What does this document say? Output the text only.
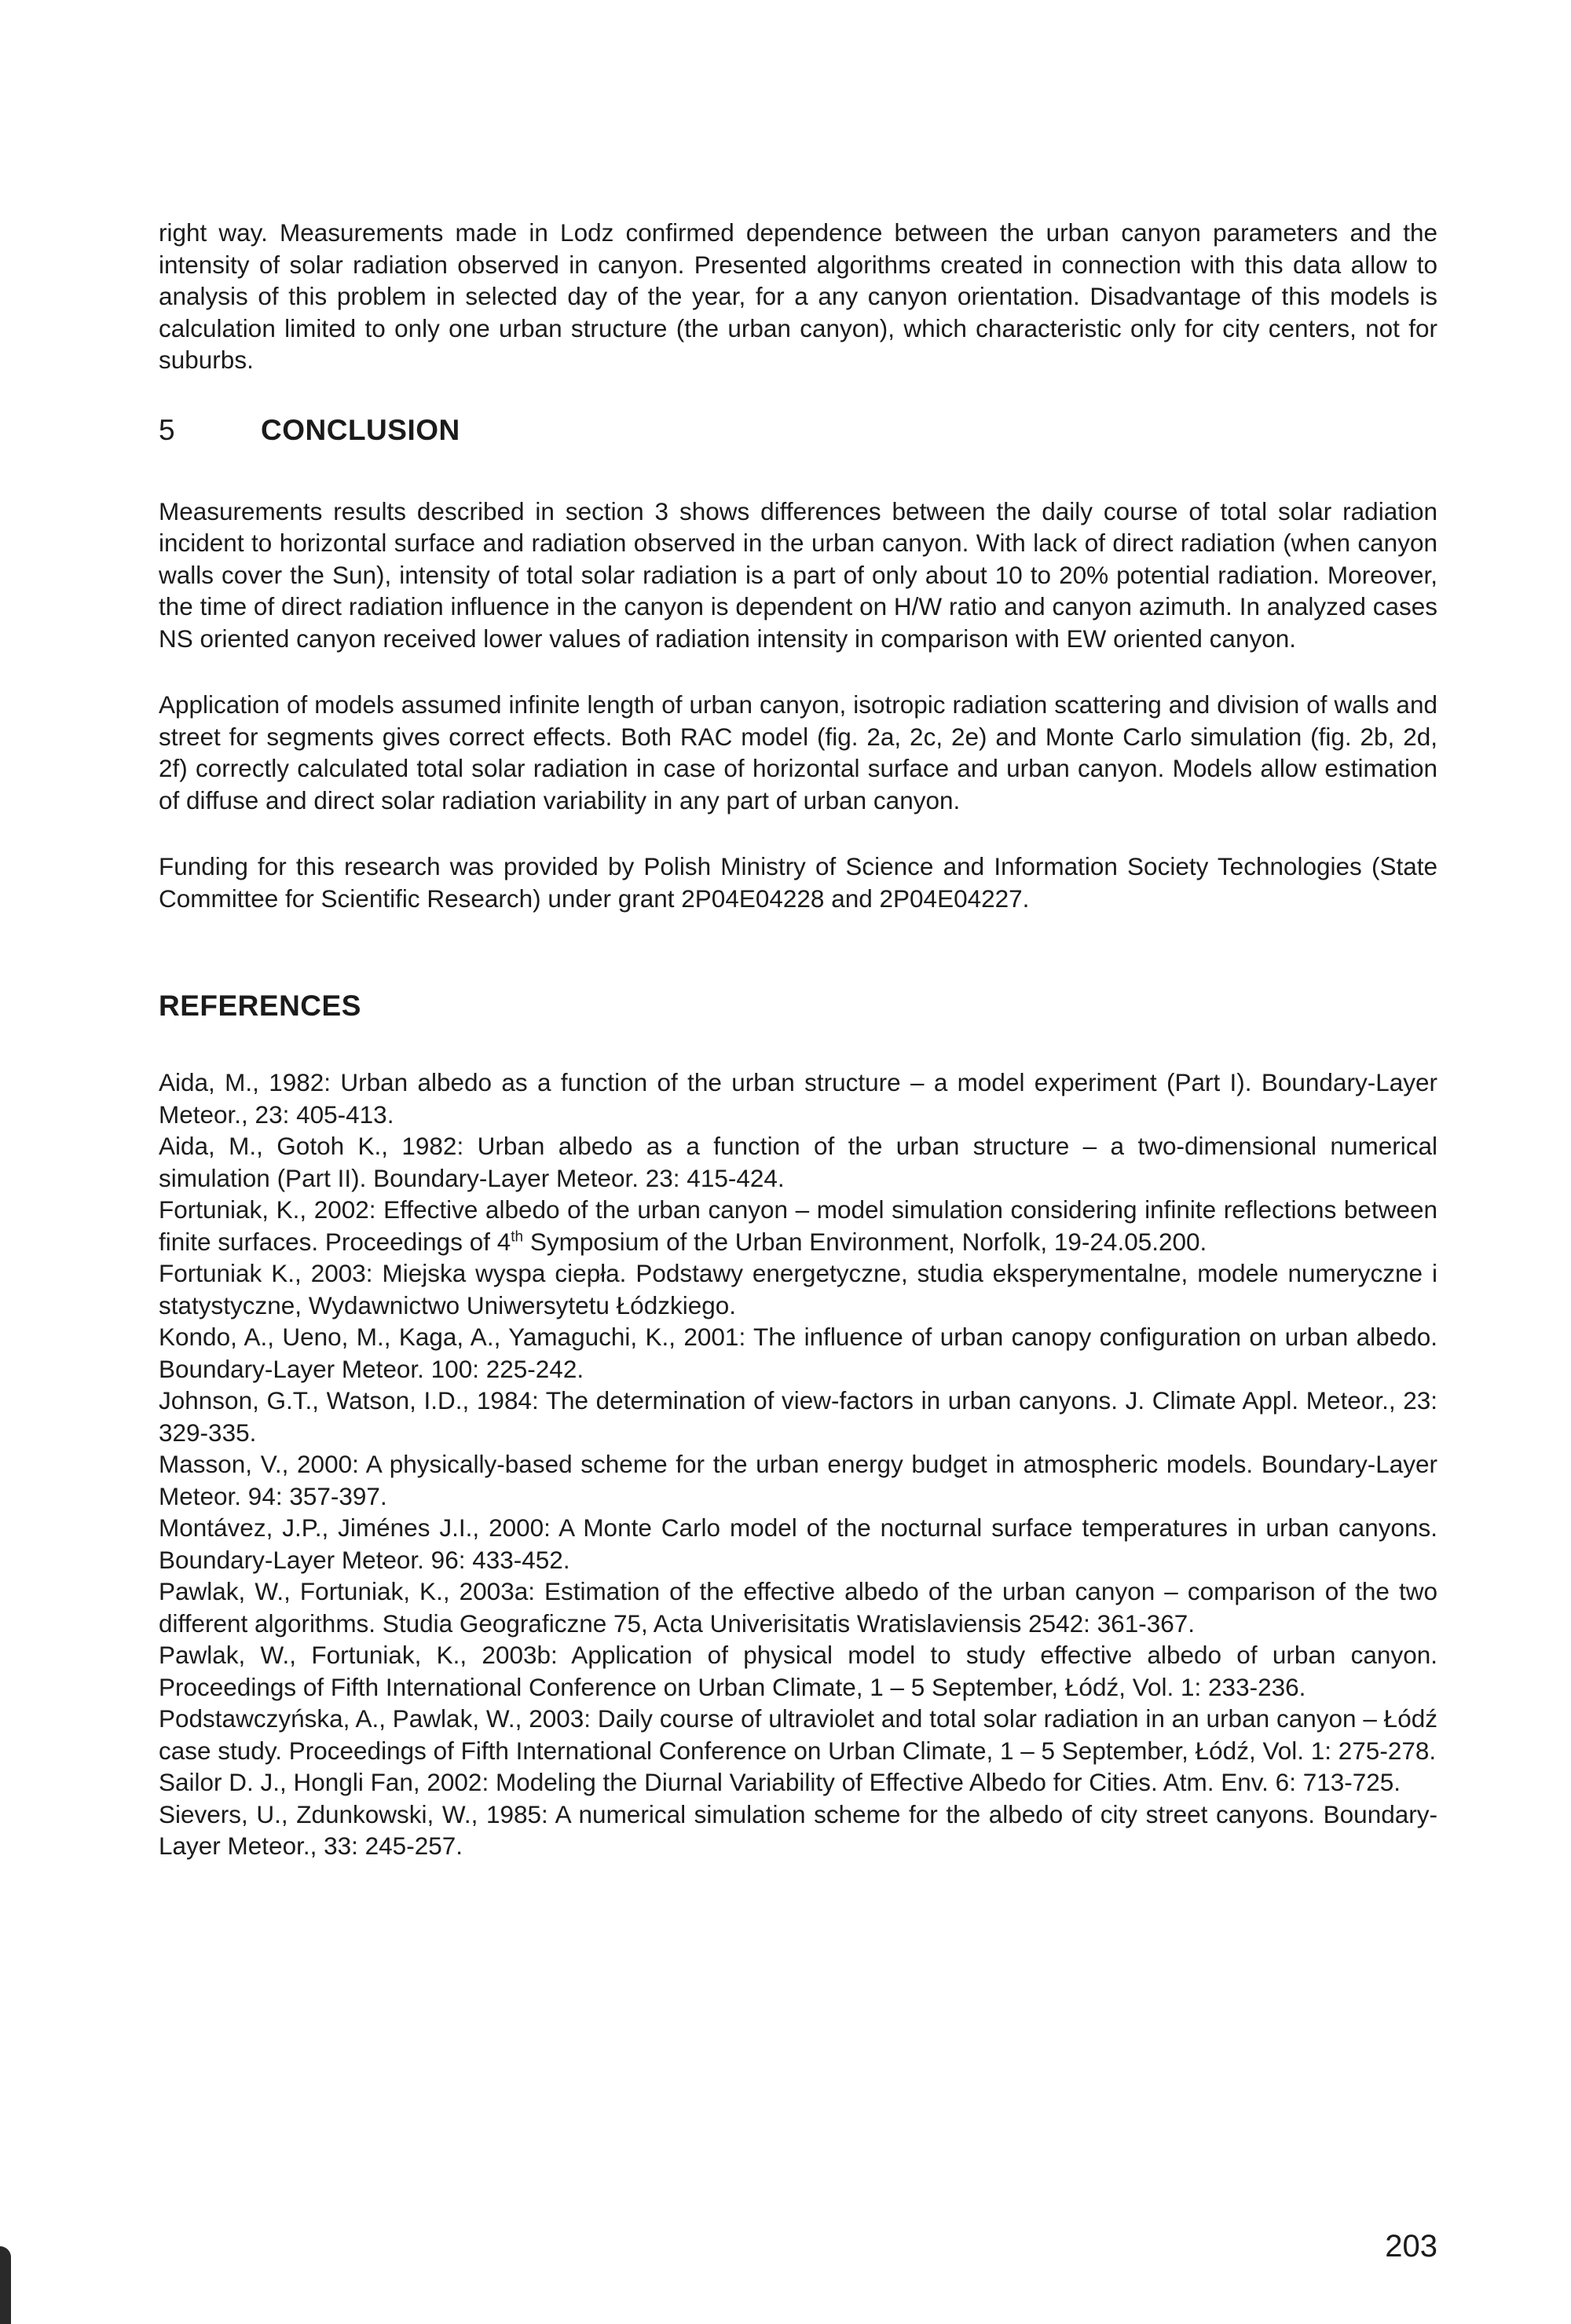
right way. Measurements made in Lodz confirmed dependence between the urban canyon parameters and the intensity of solar radiation observed in canyon. Presented algorithms created in connection with this data allow to analysis of this problem in selected day of the year, for a any canyon orientation. Disadvantage of this models is calculation limited to only one urban structure (the urban canyon), which characteristic only for city centers, not for suburbs.

5	CONCLUSION

Measurements results described in section 3 shows differences between the daily course of total solar radiation incident to horizontal surface and radiation observed in the urban canyon. With lack of direct radiation (when canyon walls cover the Sun), intensity of total solar radiation is a part of only about 10 to 20% potential radiation. Moreover, the time of direct radiation influence in the canyon is dependent on H/W ratio and canyon azimuth. In analyzed cases NS oriented canyon received lower values of radiation intensity in comparison with EW oriented canyon.

Application of models assumed infinite length of urban canyon, isotropic radiation scattering and division of walls and street for segments gives correct effects. Both RAC model (fig. 2a, 2c, 2e) and Monte Carlo simulation (fig. 2b, 2d, 2f) correctly calculated total solar radiation in case of horizontal surface and urban canyon. Models allow estimation of diffuse and direct solar radiation variability in any part of urban canyon.

Funding for this research was provided by Polish Ministry of Science and Information Society Technologies (State Committee for Scientific Research) under grant 2P04E04228 and 2P04E04227.

REFERENCES

Aida, M., 1982: Urban albedo as a function of the urban structure – a model experiment (Part I). Boundary-Layer Meteor., 23: 405-413.

Aida, M., Gotoh K., 1982: Urban albedo as a function of the urban structure – a two-dimensional numerical simulation (Part II). Boundary-Layer Meteor. 23: 415-424.

Fortuniak, K., 2002: Effective albedo of the urban canyon – model simulation considering infinite reflections between finite surfaces. Proceedings of 4th Symposium of the Urban Environment, Norfolk, 19-24.05.200.

Fortuniak K., 2003: Miejska wyspa ciepła. Podstawy energetyczne, studia eksperymentalne, modele numeryczne i statystyczne, Wydawnictwo Uniwersytetu Łódzkiego.

Kondo, A., Ueno, M., Kaga, A., Yamaguchi, K., 2001: The influence of urban canopy configuration on urban albedo. Boundary-Layer Meteor. 100: 225-242.

Johnson, G.T., Watson, I.D., 1984: The determination of view-factors in urban canyons. J. Climate Appl. Meteor., 23: 329-335.

Masson, V., 2000: A physically-based scheme for the urban energy budget in atmospheric models. Boundary-Layer Meteor. 94: 357-397.

Montávez, J.P., Jiménes J.I., 2000: A Monte Carlo model of the nocturnal surface temperatures in urban canyons. Boundary-Layer Meteor. 96: 433-452.

Pawlak, W., Fortuniak, K., 2003a: Estimation of the effective albedo of the urban canyon – comparison of the two different algorithms. Studia Geograficzne 75, Acta Univerisitatis Wratislaviensis 2542: 361-367.

Pawlak, W., Fortuniak, K., 2003b: Application of physical model to study effective albedo of urban canyon. Proceedings of Fifth International Conference on Urban Climate, 1 – 5 September, Łódź, Vol. 1: 233-236.

Podstawczyńska, A., Pawlak, W., 2003: Daily course of ultraviolet and total solar radiation in an urban canyon – Łódź case study. Proceedings of Fifth International Conference on Urban Climate, 1 – 5 September, Łódź, Vol. 1: 275-278.

Sailor D. J., Hongli Fan, 2002: Modeling the Diurnal Variability of Effective Albedo for Cities. Atm. Env. 6: 713-725.

Sievers, U., Zdunkowski, W., 1985: A numerical simulation scheme for the albedo of city street canyons. Boundary-Layer Meteor., 33: 245-257.

203
